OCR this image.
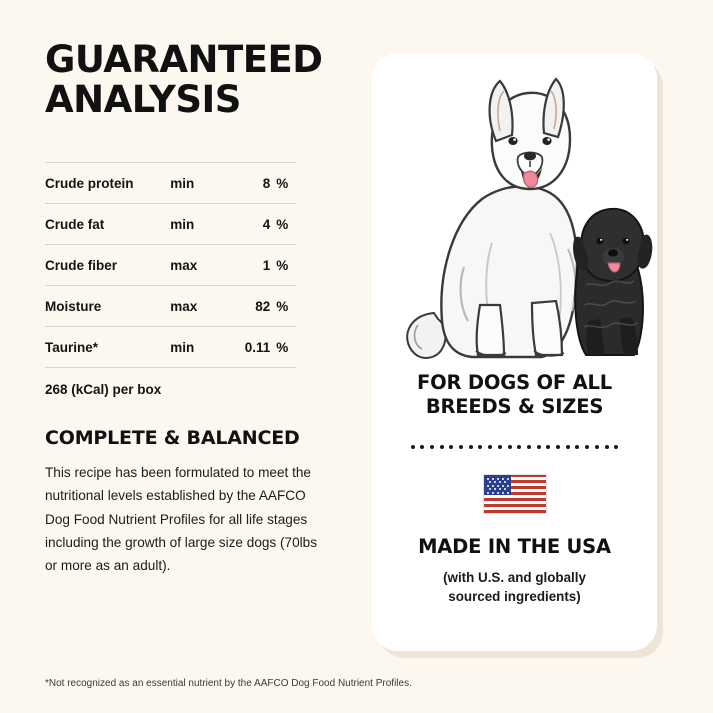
GUARANTEED
ANALYSIS
Crude protein	min	8	%
Crude fat	min	4	%
Crude fiber	max	1	%
Moisture	max	82	%
Taurine*	min	0.11	%
268 (kCal) per box
COMPLETE & BALANCED
This recipe has been formulated to meet the nutritional levels established by the AAFCO Dog Food Nutrient Profiles for all life stages including the growth of large size dogs (70lbs or more as an adult).
*Not recognized as an essential nutrient by the AAFCO Dog Food Nutrient Profiles.
FOR DOGS OF ALL
BREEDS & SIZES
MADE IN THE USA
(with U.S. and globally
sourced ingredients)
